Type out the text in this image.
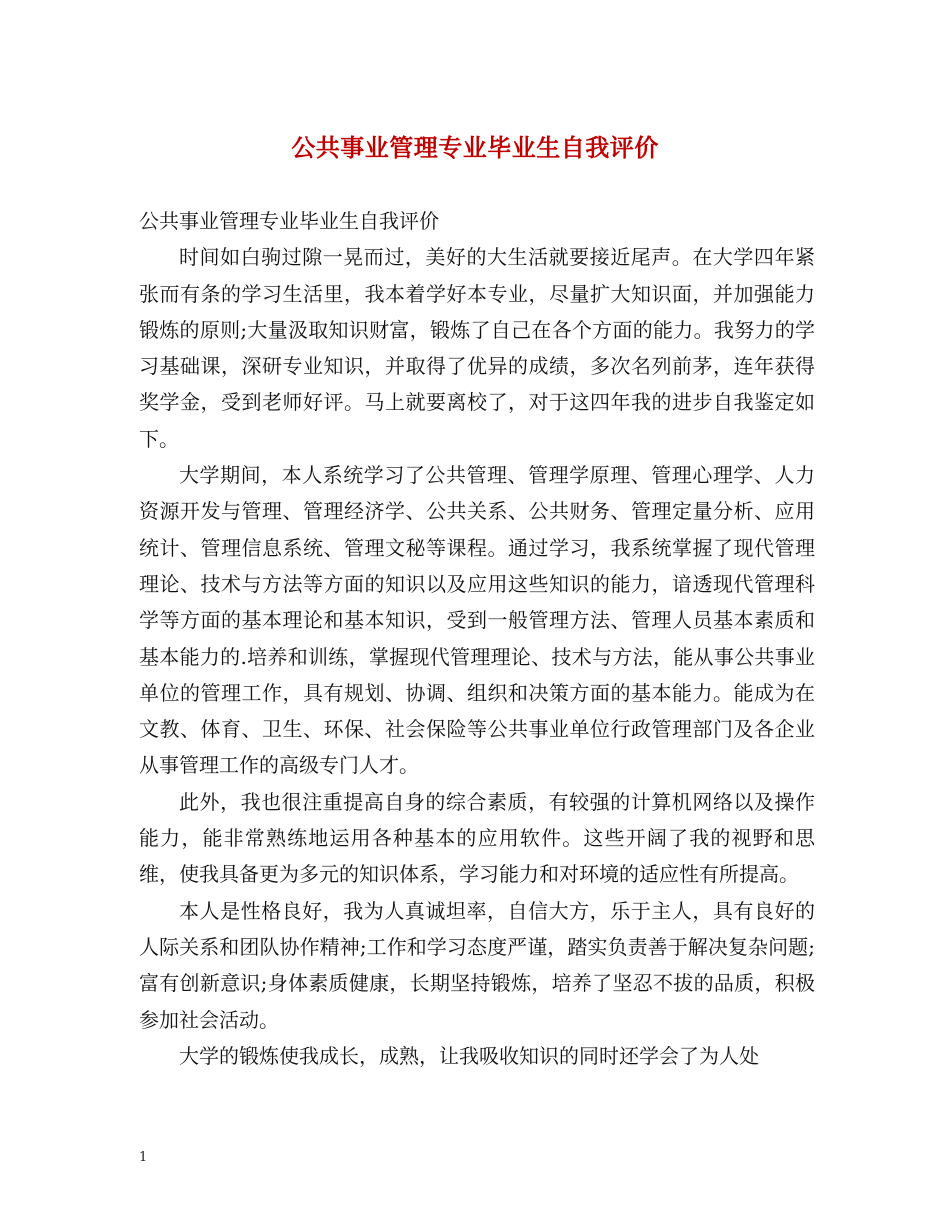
公共事业管理专业毕业生自我评价

公共事业管理专业毕业生自我评价

时间如白驹过隙一晃而过，美好的大生活就要接近尾声。在大学四年紧张而有条的学习生活里，我本着学好本专业，尽量扩大知识面，并加强能力锻炼的原则;大量汲取知识财富，锻炼了自己在各个方面的能力。我努力的学习基础课，深研专业知识，并取得了优异的成绩，多次名列前茅，连年获得奖学金，受到老师好评。马上就要离校了，对于这四年我的进步自我鉴定如下。

大学期间，本人系统学习了公共管理、管理学原理、管理心理学、人力资源开发与管理、管理经济学、公共关系、公共财务、管理定量分析、应用统计、管理信息系统、管理文秘等课程。通过学习，我系统掌握了现代管理理论、技术与方法等方面的知识以及应用这些知识的能力，谙透现代管理科学等方面的基本理论和基本知识，受到一般管理方法、管理人员基本素质和基本能力的.培养和训练，掌握现代管理理论、技术与方法，能从事公共事业单位的管理工作，具有规划、协调、组织和决策方面的基本能力。能成为在文教、体育、卫生、环保、社会保险等公共事业单位行政管理部门及各企业从事管理工作的高级专门人才。

此外，我也很注重提高自身的综合素质，有较强的计算机网络以及操作能力，能非常熟练地运用各种基本的应用软件。这些开阔了我的视野和思维，使我具备更为多元的知识体系，学习能力和对环境的适应性有所提高。

本人是性格良好，我为人真诚坦率，自信大方，乐于主人，具有良好的人际关系和团队协作精神;工作和学习态度严谨，踏实负责善于解决复杂问题;富有创新意识;身体素质健康，长期坚持锻炼，培养了坚忍不拔的品质，积极参加社会活动。

大学的锻炼使我成长，成熟，让我吸收知识的同时还学会了为人处

1
